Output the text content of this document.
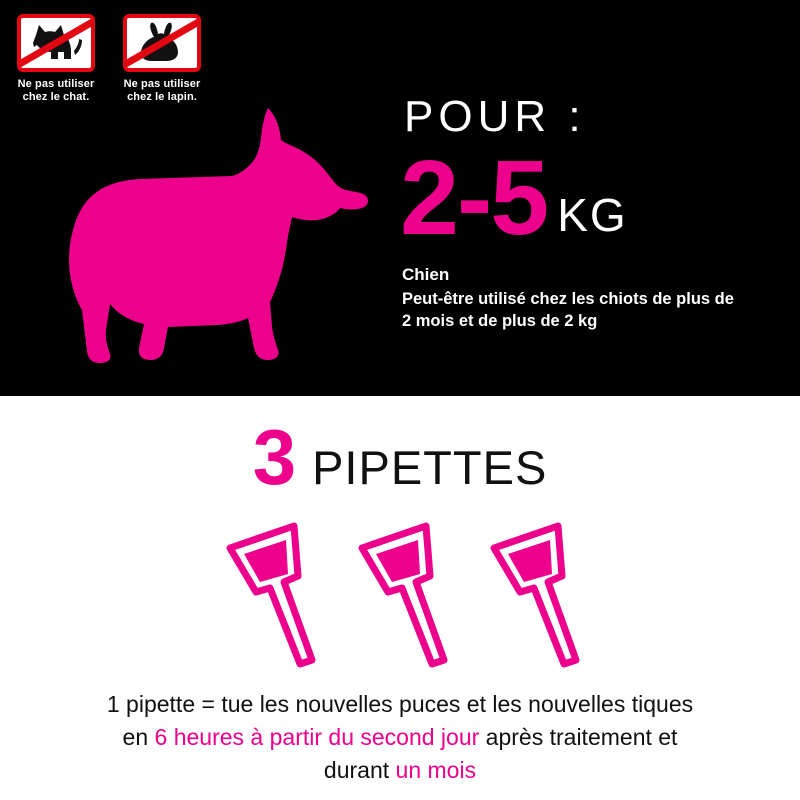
Ne pas utiliser chez le chat.
Ne pas utiliser chez le lapin.	POUR :
2-5 KG
Chien
Peut-être utilisé chez les chiots de plus de 2 mois et de plus de 2 kg
3 PIPETTES
1 pipette = tue les nouvelles puces et les nouvelles tiques
en 6 heures à partir du second jour après traitement et
durant un mois
